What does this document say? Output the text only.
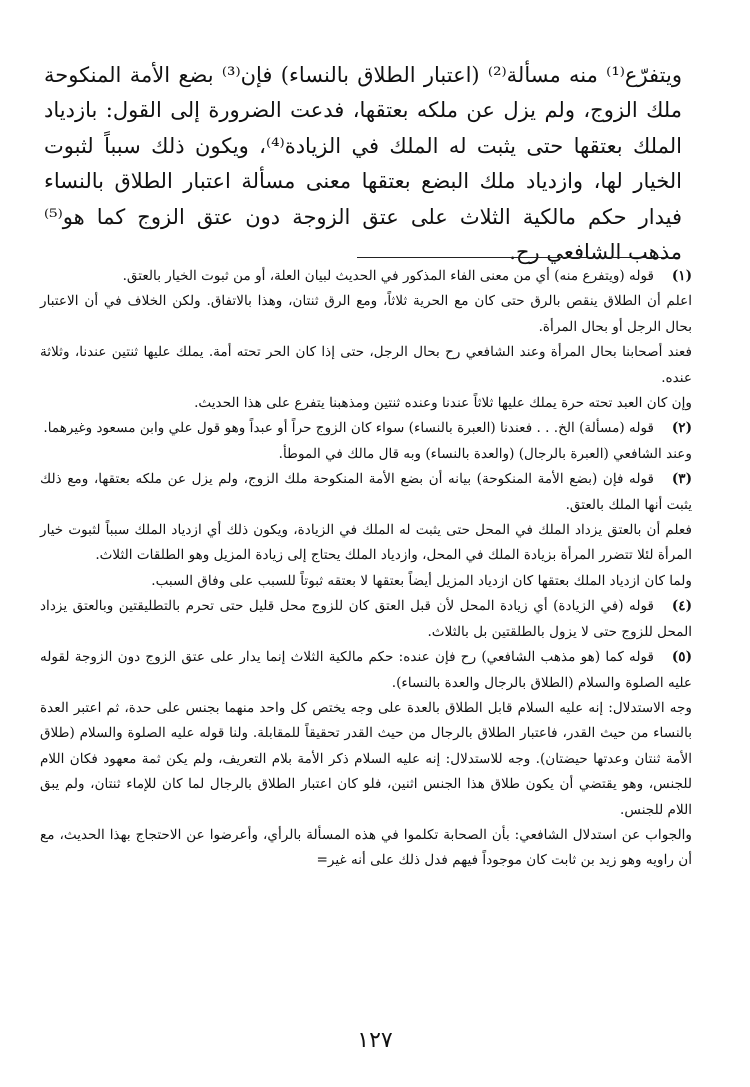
ويتفرّع⁽¹⁾ منه مسألة⁽²⁾ (اعتبار الطلاق بالنساء) فإن⁽³⁾ بضع الأمة المنكوحة ملك الزوج، ولم يزل عن ملكه بعتقها، فدعت الضرورة إلى القول: بازدياد الملك بعتقها حتى يثبت له الملك في الزيادة⁽⁴⁾، ويكون ذلك سبباً لثبوت الخيار لها، وازدياد ملك البضع بعتقها معنى مسألة اعتبار الطلاق بالنساء فيدار حكم مالكية الثلاث على عتق الزوجة دون عتق الزوج كما هو⁽⁵⁾ مذهب الشافعي رح.

(١)قوله (ويتفرع منه) أي من معنى الفاء المذكور في الحديث لبيان العلة، أو من ثبوت الخيار بالعتق.

اعلم أن الطلاق ينقص بالرق حتى كان مع الحرية ثلاثاً، ومع الرق ثنتان، وهذا بالاتفاق. ولكن الخلاف في أن الاعتبار بحال الرجل أو بحال المرأة.

فعند أصحابنا بحال المرأة وعند الشافعي رح بحال الرجل، حتى إذا كان الحر تحته أمة. يملك عليها ثنتين عندنا، وثلاثة عنده.

وإن كان العبد تحته حرة يملك عليها ثلاثاً عندنا وعنده ثنتين ومذهبنا يتفرع على هذا الحديث.

(٢)قوله (مسألة) الخ. . . فعندنا (العبرة بالنساء) سواء كان الزوج حراً أو عبداً وهو قول علي وابن مسعود وغيرهما.

وعند الشافعي (العبرة بالرجال) (والعدة بالنساء) وبه قال مالك في الموطأ.

(٣)قوله فإن (بضع الأمة المنكوحة) بيانه أن بضع الأمة المنكوحة ملك الزوج، ولم يزل عن ملكه بعتقها، ومع ذلك يثبت أنها الملك بالعتق.

فعلم أن بالعتق يزداد الملك في المحل حتى يثبت له الملك في الزيادة، ويكون ذلك أي ازدياد الملك سبباً لثبوت خيار المرأة لئلا تتضرر المرأة بزيادة الملك في المحل، وازدياد الملك يحتاج إلى زيادة المزيل وهو الطلقات الثلاث.

ولما كان ازدياد الملك بعتقها كان ازدياد المزيل أيضاً بعتقها لا بعتقه ثبوتاً للسبب على وفاق السبب.

(٤)قوله (في الزيادة) أي زيادة المحل لأن قبل العتق كان للزوج محل قليل حتى تحرم بالتطليقتين وبالعتق يزداد المحل للزوج حتى لا يزول بالطلقتين بل بالثلاث.

(٥)قوله كما (هو مذهب الشافعي) رح فإن عنده: حكم مالكية الثلاث إنما يدار على عتق الزوج دون الزوجة لقوله عليه الصلوة والسلام (الطلاق بالرجال والعدة بالنساء).

وجه الاستدلال: إنه عليه السلام قابل الطلاق بالعدة على وجه يختص كل واحد منهما بجنس على حدة، ثم اعتبر العدة بالنساء من حيث القدر، فاعتبار الطلاق بالرجال من حيث القدر تحقيقاً للمقابلة. ولنا قوله عليه الصلوة والسلام (طلاق الأمة ثنتان وعدتها حيضتان). وجه للاستدلال: إنه عليه السلام ذكر الأمة بلام التعريف، ولم يكن ثمة معهود فكان اللام للجنس، وهو يقتضي أن يكون طلاق هذا الجنس اثنين، فلو كان اعتبار الطلاق بالرجال لما كان للإماء ثنتان، ولم يبق اللام للجنس.

والجواب عن استدلال الشافعي: بأن الصحابة تكلموا في هذه المسألة بالرأي، وأعرضوا عن الاحتجاج بهذا الحديث، مع أن راويه وهو زيد بن ثابت كان موجوداً فيهم فدل ذلك على أنه غير=

١٢٧
